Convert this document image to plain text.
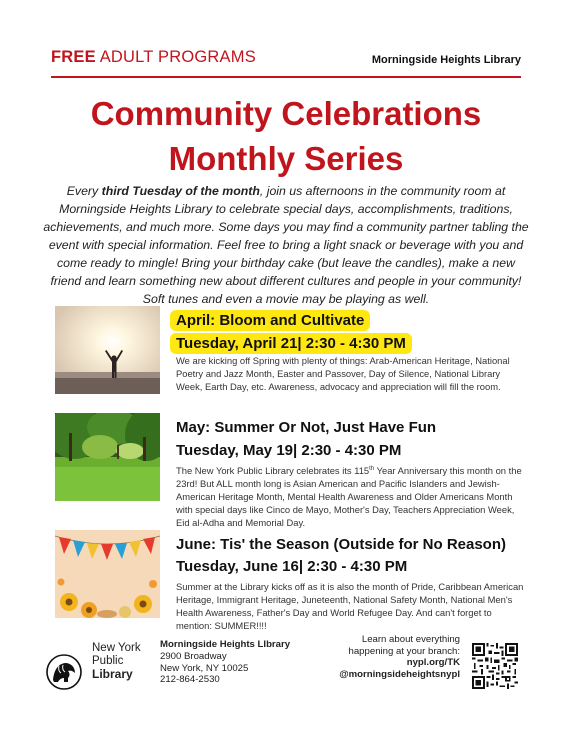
FREE ADULT PROGRAMS	Morningside Heights Library
Community Celebrations
Monthly Series
Every third Tuesday of the month, join us afternoons in the community room at Morningside Heights Library to celebrate special days, accomplishments, traditions, achievements, and much more. Some days you may find a community partner tabling the event with special information. Feel free to bring a light snack or beverage with you and come ready to mingle! Bring your birthday cake (but leave the candles), make a new friend and learn something new about different cultures and people in your community! Soft tunes and even a movie may be playing as well.
April: Bloom and Cultivate
Tuesday, April 21| 2:30 - 4:30 PM
We are kicking off Spring with plenty of things: Arab-American Heritage, National Poetry and Jazz Month, Easter and Passover, Day of Silence, National Library Week, Earth Day, etc. Awareness, advocacy and appreciation will fill the room.
May: Summer Or Not, Just Have Fun
Tuesday, May 19| 2:30 - 4:30 PM
The New York Public Library celebrates its 115th Year Anniversary this month on the 23rd! But ALL month long is Asian American and Pacific Islanders and Jewish-American Heritage Month, Mental Health Awareness and Older Americans Month with special days like Cinco de Mayo, Mother's Day, Teachers Appreciation Week, Eid al-Adha and Memorial Day.
June: Tis' the Season (Outside for No Reason)
Tuesday, June 16| 2:30 - 4:30 PM
Summer at the Library kicks off as it is also the month of Pride, Caribbean American Heritage, Immigrant Heritage, Juneteenth, National Safety Month, National Men's Health Awareness, Father's Day and World Refugee Day. And can't forget to mention: SUMMER!!!!
New York
Public
Library
Morningside Heights LIbrary
2900 Broadway
New York, NY 10025
212-864-2530
Learn about everything
happening at your branch:
nypl.org/TK
@morningsideheightsnypl
